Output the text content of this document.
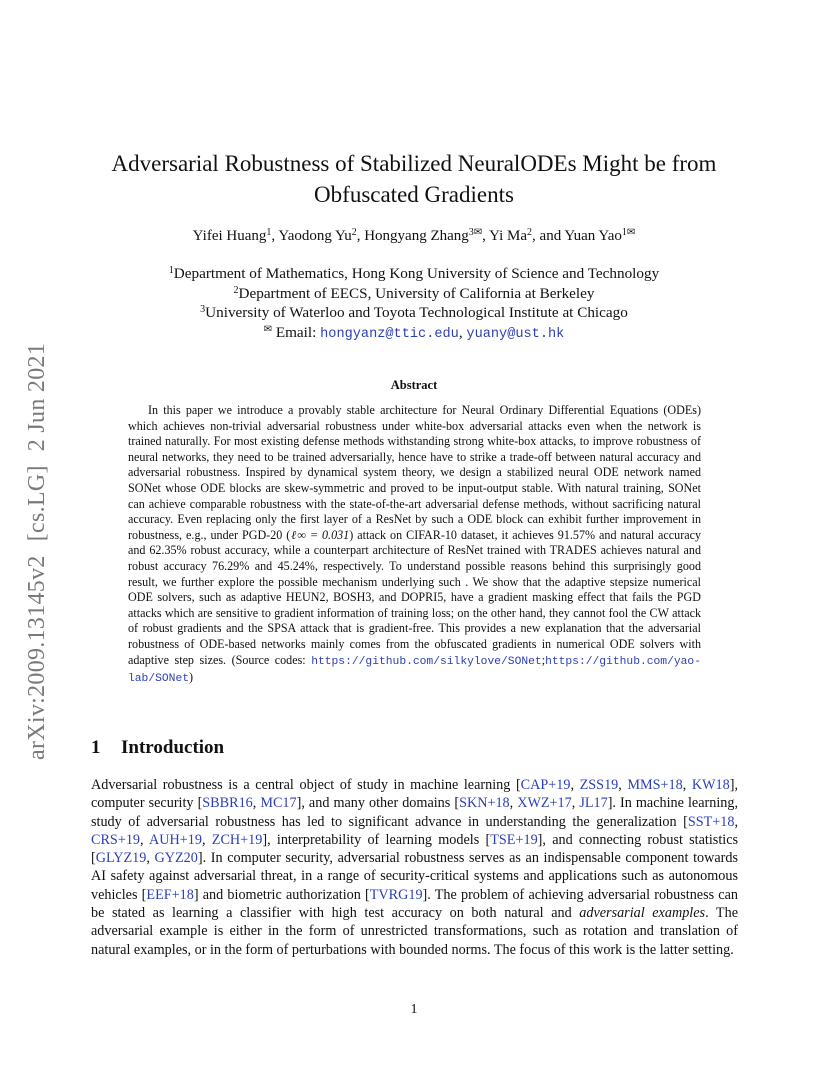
arXiv:2009.13145v2[cs.LG]2 Jun 2021
Adversarial Robustness of Stabilized NeuralODEs Might be from
Obfuscated Gradients
Yifei Huang$^1$, Yaodong Yu$^2$, Hongyang Zhang$^{3✉}$, Yi Ma$^2$, and Yuan Yao$^{1✉}$
$^1$Department of Mathematics, Hong Kong University of Science and Technology
$^2$Department of EECS, University of California at Berkeley
$^3$University of Waterloo and Toyota Technological Institute at Chicago
✉ Email: hongyanz@ttic.edu, yuany@ust.hk
Abstract
In this paper we introduce a provably stable architecture for Neural Ordinary Differential Equations (ODEs) which achieves non-trivial adversarial robustness under white-box adversarial attacks even when the network is trained naturally. For most existing defense methods withstanding strong white-box attacks, to improve robustness of neural networks, they need to be trained adversarially, hence have to strike a trade-off between natural accuracy and adversarial robustness. Inspired by dynamical system theory, we design a stabilized neural ODE network named SONet whose ODE blocks are skew-symmetric and proved to be input-output stable. With natural training, SONet can achieve comparable robustness with the state-of-the-art adversarial defense methods, without sacrificing natural accuracy. Even replacing only the first layer of a ResNet by such a ODE block can exhibit further improvement in robustness, e.g., under PGD-20 (ℓ∞ = 0.031) attack on CIFAR-10 dataset, it achieves 91.57% and natural accuracy and 62.35% robust accuracy, while a counterpart architecture of ResNet trained with TRADES achieves natural and robust accuracy 76.29% and 45.24%, respectively. To understand possible reasons behind this surprisingly good result, we further explore the possible mechanism underlying such . We show that the adaptive stepsize numerical ODE solvers, such as adaptive HEUN2, BOSH3, and DOPRI5, have a gradient masking effect that fails the PGD attacks which are sensitive to gradient information of training loss; on the other hand, they cannot fool the CW attack of robust gradients and the SPSA attack that is gradient-free. This provides a new explanation that the adversarial robustness of ODE-based networks mainly comes from the obfuscated gradients in numerical ODE solvers with adaptive step sizes. (Source codes: https://github.com/silkylove/SONet;https://github.com/yao-lab/SONet)
1 Introduction
Adversarial robustness is a central object of study in machine learning [CAP+19, ZSS19, MMS+18, KW18], computer security [SBBR16, MC17], and many other domains [SKN+18, XWZ+17, JL17]. In machine learning, study of adversarial robustness has led to significant advance in understanding the generalization [SST+18, CRS+19, AUH+19, ZCH+19], interpretability of learning models [TSE+19], and connecting robust statistics [GLYZ19, GYZ20]. In computer security, adversarial robustness serves as an indispensable component towards AI safety against adversarial threat, in a range of security-critical systems and applications such as autonomous vehicles [EEF+18] and biometric authorization [TVRG19]. The problem of achieving adversarial robustness can be stated as learning a classifier with high test accuracy on both natural and adversarial examples. The adversarial example is either in the form of unrestricted transformations, such as rotation and translation of natural examples, or in the form of perturbations with bounded norms. The focus of this work is the latter setting.
1
